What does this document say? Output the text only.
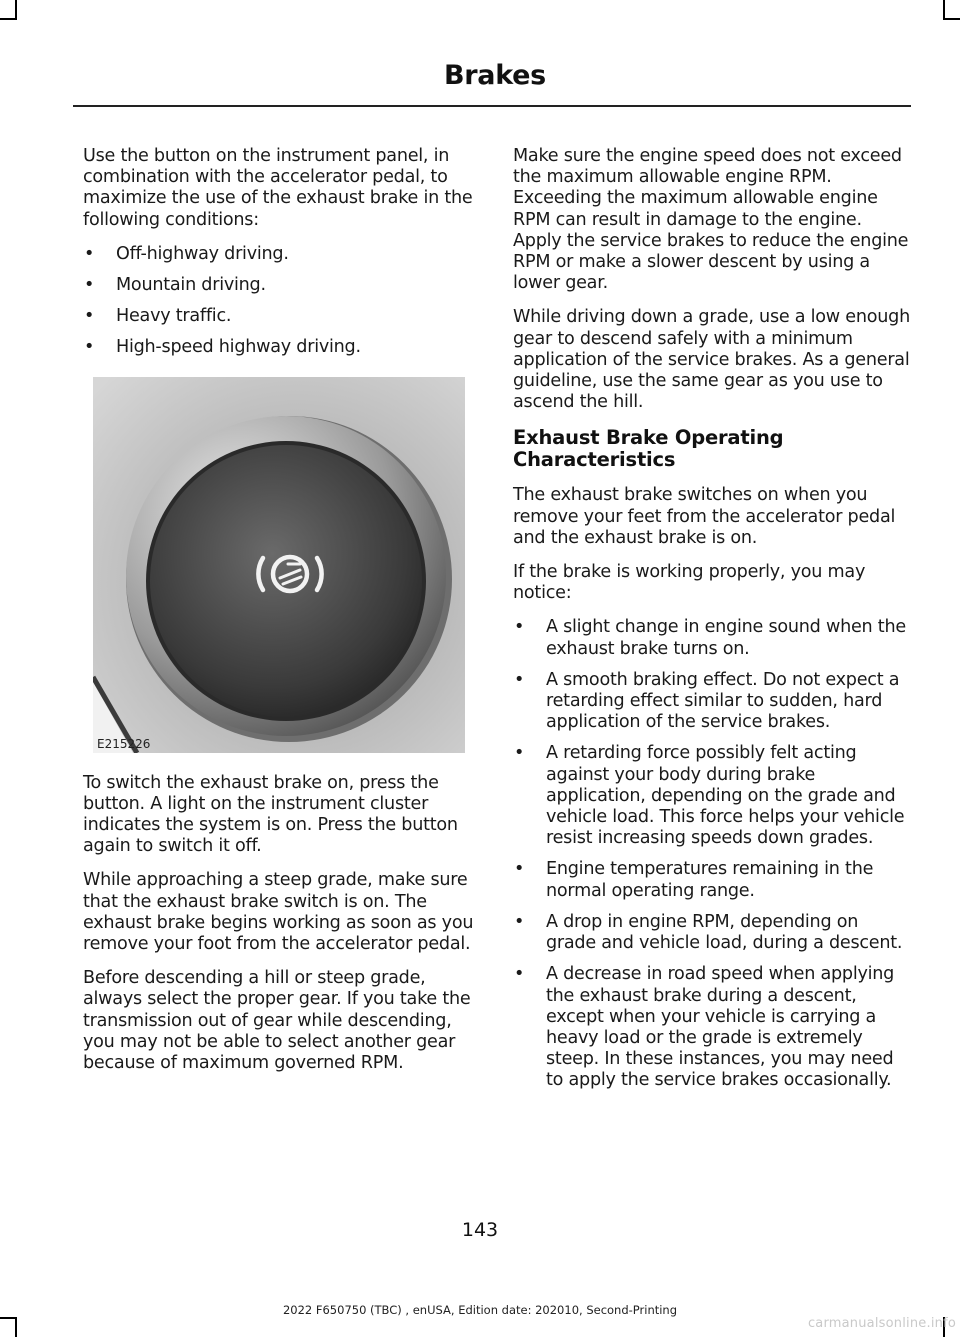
Brakes

Use the button on the instrument panel, in combination with the accelerator pedal, to maximize the use of the exhaust brake in the following conditions:

• Off-highway driving.
• Mountain driving.
• Heavy traffic.
• High-speed highway driving.
E215226

To switch the exhaust brake on, press the button. A light on the instrument cluster indicates the system is on. Press the button again to switch it off.

While approaching a steep grade, make sure that the exhaust brake switch is on. The exhaust brake begins working as soon as you remove your foot from the accelerator pedal.

Before descending a hill or steep grade, always select the proper gear. If you take the transmission out of gear while descending, you may not be able to select another gear because of maximum governed RPM.

Make sure the engine speed does not exceed the maximum allowable engine RPM. Exceeding the maximum allowable engine RPM can result in damage to the engine. Apply the service brakes to reduce the engine RPM or make a slower descent by using a lower gear.

While driving down a grade, use a low enough gear to descend safely with a minimum application of the service brakes. As a general guideline, use the same gear as you use to ascend the hill.

Exhaust Brake Operating Characteristics

The exhaust brake switches on when you remove your feet from the accelerator pedal and the exhaust brake is on.

If the brake is working properly, you may notice:

• A slight change in engine sound when the exhaust brake turns on.
• A smooth braking effect. Do not expect a retarding effect similar to sudden, hard application of the service brakes.
• A retarding force possibly felt acting against your body during brake application, depending on the grade and vehicle load. This force helps your vehicle resist increasing speeds down grades.
• Engine temperatures remaining in the normal operating range.
• A drop in engine RPM, depending on grade and vehicle load, during a descent.
• A decrease in road speed when applying the exhaust brake during a descent, except when your vehicle is carrying a heavy load or the grade is extremely steep. In these instances, you may need to apply the service brakes occasionally.
143
2022 F650750 (TBC) , enUSA, Edition date: 202010, Second-Printing
carmanualsonline.info
